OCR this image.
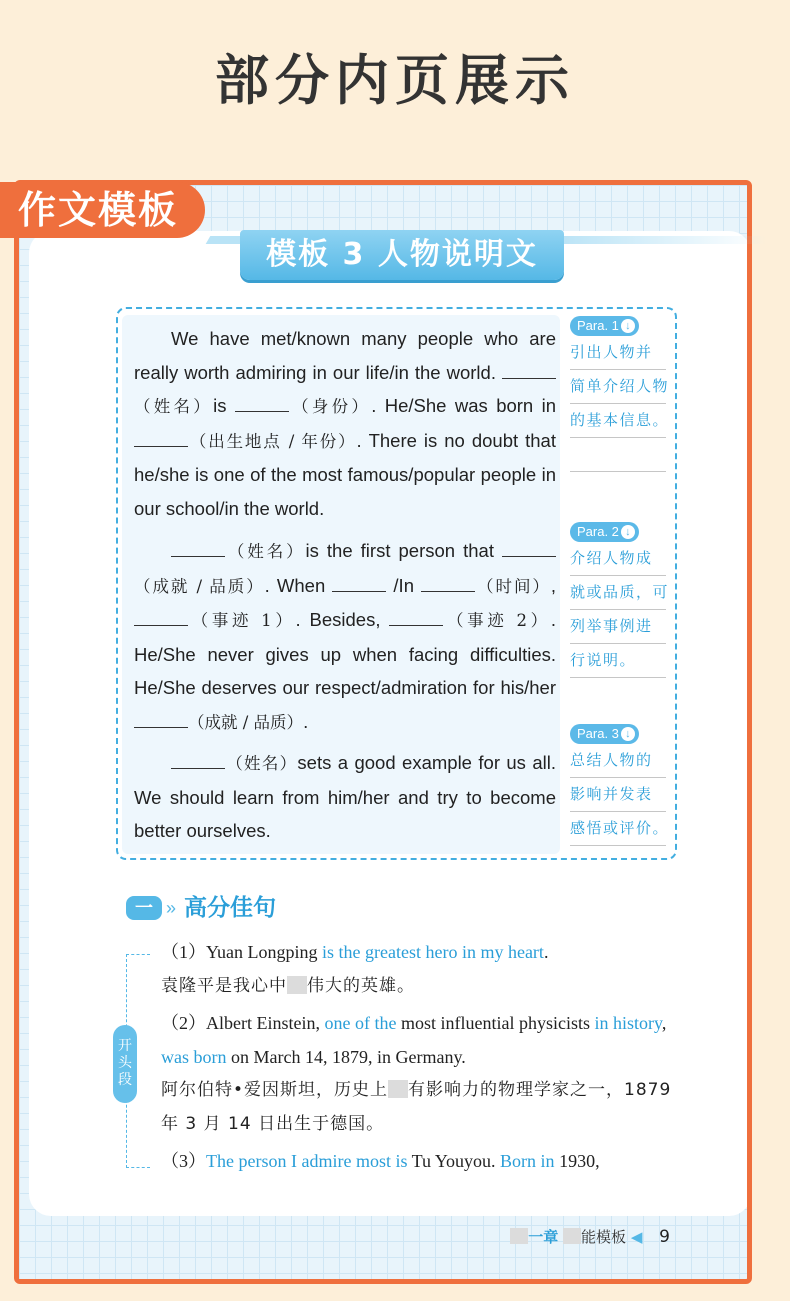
部分内页展示
作文模板
模板 3 人物说明文

We have met/known many people who are really worth admiring in our life/in the world. （姓名）is	（身份）. He/She was born in （出生地点 / 年份）. There is no doubt that he/she is one of the most famous/popular people in our school/in the world.

（姓名）is the first person that （成就 / 品质）. When	/In	（时间）, （事迹 1）. Besides,	（事迹 2）. He/She never gives up when facing difficulties. He/She deserves our respect/admiration for his/her （成就 / 品质）.

（姓名）sets a good example for us all. We should learn from him/her and try to become better ourselves.

Para. 1 ↓
引出人物并
简单介绍人物
的基本信息。
Para. 2 ↓
介绍人物成
就或品质，可
列举事例进
行说明。
Para. 3 ↓
总结人物的
影响并发表
感悟或评价。
一 » 高分佳句
开头段
（1）Yuan Longping is the greatest hero in my heart.
袁隆平是我心中 伟大的英雄。
（2）Albert Einstein, one of the most influential physicists in history, was born on March 14, 1879, in Germany.
阿尔伯特•爱因斯坦，历史上 有影响力的物理学家之一，1879 年 3 月 14 日出生于德国。
（3）The person I admire most is Tu Youyou. Born in 1930,
一章 能模板 ◀ 9
